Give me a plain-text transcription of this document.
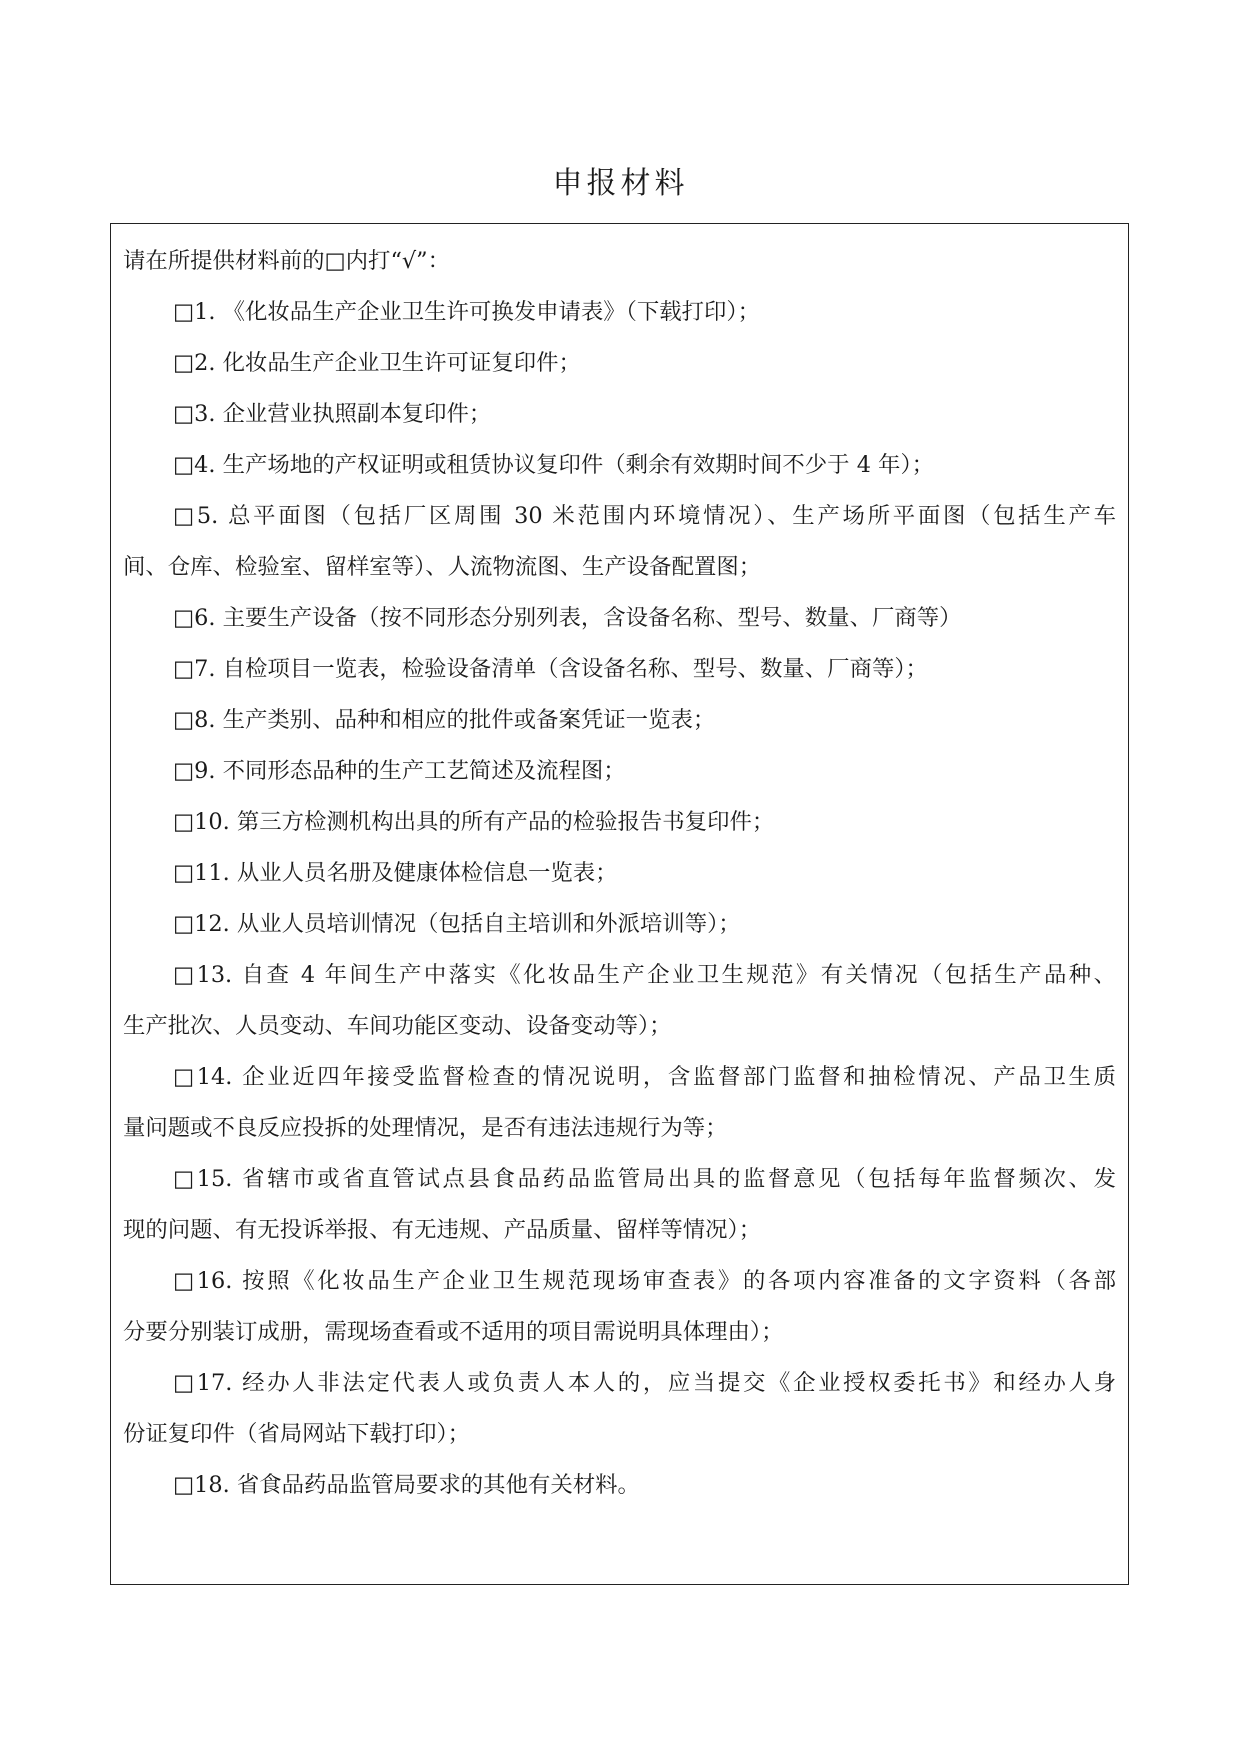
申报材料
请在所提供材料前的□内打“√”：
□1. 《化妆品生产企业卫生许可换发申请表》（下载打印）；
□2. 化妆品生产企业卫生许可证复印件；
□3. 企业营业执照副本复印件；
□4. 生产场地的产权证明或租赁协议复印件（剩余有效期时间不少于 4 年）；
□5. 总平面图（包括厂区周围 30 米范围内环境情况）、生产场所平面图（包括生产车
间、仓库、检验室、留样室等）、人流物流图、生产设备配置图；
□6. 主要生产设备（按不同形态分别列表，含设备名称、型号、数量、厂商等）
□7. 自检项目一览表，检验设备清单（含设备名称、型号、数量、厂商等）；
□8. 生产类别、品种和相应的批件或备案凭证一览表；
□9. 不同形态品种的生产工艺简述及流程图；
□10. 第三方检测机构出具的所有产品的检验报告书复印件；
□11. 从业人员名册及健康体检信息一览表；
□12. 从业人员培训情况（包括自主培训和外派培训等）；
□13. 自查 4 年间生产中落实《化妆品生产企业卫生规范》有关情况（包括生产品种、
生产批次、人员变动、车间功能区变动、设备变动等）；
□14. 企业近四年接受监督检查的情况说明，含监督部门监督和抽检情况、产品卫生质
量问题或不良反应投拆的处理情况，是否有违法违规行为等；
□15. 省辖市或省直管试点县食品药品监管局出具的监督意见（包括每年监督频次、发
现的问题、有无投诉举报、有无违规、产品质量、留样等情况）；
□16. 按照《化妆品生产企业卫生规范现场审查表》的各项内容准备的文字资料（各部
分要分别装订成册，需现场查看或不适用的项目需说明具体理由）；
□17. 经办人非法定代表人或负责人本人的，应当提交《企业授权委托书》和经办人身
份证复印件（省局网站下载打印）；
□18. 省食品药品监管局要求的其他有关材料。
